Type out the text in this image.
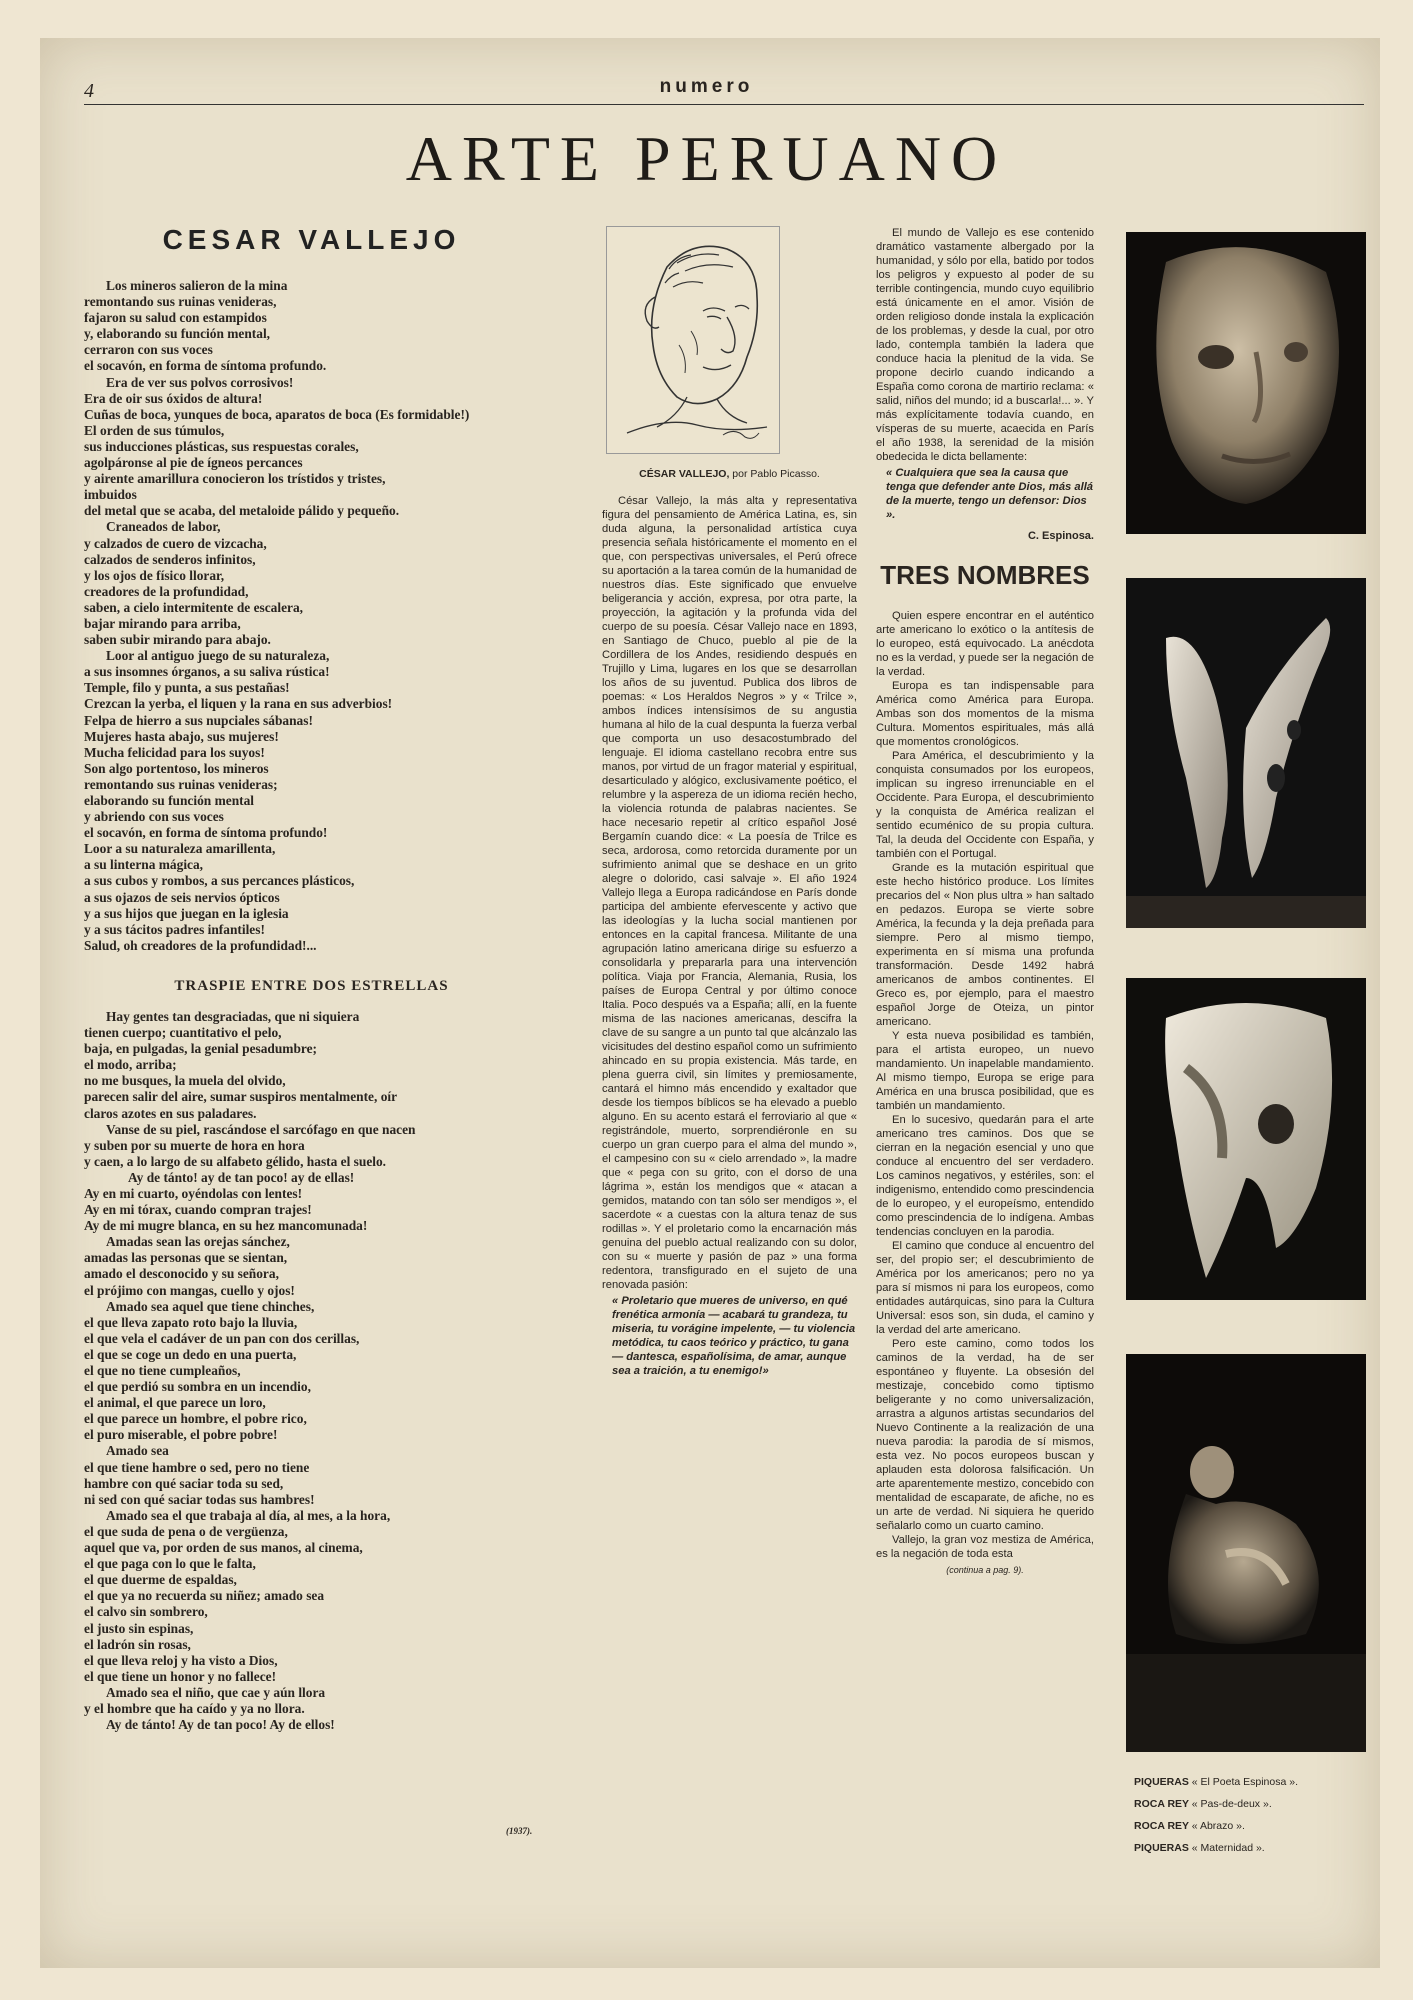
4	numero
ARTE PERUANO
CESAR VALLEJO
Los mineros salieron de la mina
remontando sus ruinas venideras,
fajaron su salud con estampidos
y, elaborando su función mental,
cerraron con sus voces
el socavón, en forma de síntoma profundo.
Era de ver sus polvos corrosivos!
Era de oir sus óxidos de altura!
Cuñas de boca, yunques de boca, aparatos de boca (Es formidable!)
El orden de sus túmulos,
sus inducciones plásticas, sus respuestas corales,
agolpáronse al pie de ígneos percances
y airente amarillura conocieron los trístidos y tristes,
imbuidos
del metal que se acaba, del metaloide pálido y pequeño.
Craneados de labor,
y calzados de cuero de vizcacha,
calzados de senderos infinitos,
y los ojos de físico llorar,
creadores de la profundidad,
saben, a cielo intermitente de escalera,
bajar mirando para arriba,
saben subir mirando para abajo.
Loor al antiguo juego de su naturaleza,
a sus insomnes órganos, a su saliva rústica!
Temple, filo y punta, a sus pestañas!
Crezcan la yerba, el liquen y la rana en sus adverbios!
Felpa de hierro a sus nupciales sábanas!
Mujeres hasta abajo, sus mujeres!
Mucha felicidad para los suyos!
Son algo portentoso, los mineros
remontando sus ruinas venideras;
elaborando su función mental
y abriendo con sus voces
el socavón, en forma de síntoma profundo!
Loor a su naturaleza amarillenta,
a su linterna mágica,
a sus cubos y rombos, a sus percances plásticos,
a sus ojazos de seis nervios ópticos
y a sus hijos que juegan en la iglesia
y a sus tácitos padres infantiles!
Salud, oh creadores de la profundidad!...
TRASPIE ENTRE DOS ESTRELLAS
Hay gentes tan desgraciadas, que ni siquiera
tienen cuerpo; cuantitativo el pelo,
baja, en pulgadas, la genial pesadumbre;
el modo, arriba;
no me busques, la muela del olvido,
parecen salir del aire, sumar suspiros mentalmente, oír
claros azotes en sus paladares.
Vanse de su piel, rascándose el sarcófago en que nacen
y suben por su muerte de hora en hora
y caen, a lo largo de su alfabeto gélido, hasta el suelo.
Ay de tánto! ay de tan poco! ay de ellas!
Ay en mi cuarto, oyéndolas con lentes!
Ay en mi tórax, cuando compran trajes!
Ay de mi mugre blanca, en su hez mancomunada!
Amadas sean las orejas sánchez,
amadas las personas que se sientan,
amado el desconocido y su señora,
el prójimo con mangas, cuello y ojos!
Amado sea aquel que tiene chinches,
el que lleva zapato roto bajo la lluvia,
el que vela el cadáver de un pan con dos cerillas,
el que se coge un dedo en una puerta,
el que no tiene cumpleaños,
el que perdió su sombra en un incendio,
el animal, el que parece un loro,
el que parece un hombre, el pobre rico,
el puro miserable, el pobre pobre!
Amado sea
el que tiene hambre o sed, pero no tiene
hambre con qué saciar toda su sed,
ni sed con qué saciar todas sus hambres!
Amado sea el que trabaja al día, al mes, a la hora,
el que suda de pena o de vergüenza,
aquel que va, por orden de sus manos, al cinema,
el que paga con lo que le falta,
el que duerme de espaldas,
el que ya no recuerda su niñez; amado sea
el calvo sin sombrero,
el justo sin espinas,
el ladrón sin rosas,
el que lleva reloj y ha visto a Dios,
el que tiene un honor y no fallece!
Amado sea el niño, que cae y aún llora
y el hombre que ha caído y ya no llora.
Ay de tánto! Ay de tan poco! Ay de ellos!
(1937).
CÉSAR VALLEJO, por Pablo Picasso.

César Vallejo, la más alta y representativa figura del pensamiento de América Latina, es, sin duda alguna, la personalidad artística cuya presencia señala históricamente el momento en el que, con perspectivas universales, el Perú ofrece su aportación a la tarea común de la humanidad de nuestros días. Este significado que envuelve beligerancia y acción, expresa, por otra parte, la proyección, la agitación y la profunda vida del cuerpo de su poesía. César Vallejo nace en 1893, en Santiago de Chuco, pueblo al pie de la Cordillera de los Andes, residiendo después en Trujillo y Lima, lugares en los que se desarrollan los años de su juventud. Publica dos libros de poemas: « Los Heraldos Negros » y « Trilce », ambos índices intensísimos de su angustia humana al hilo de la cual despunta la fuerza verbal que comporta un uso desacostumbrado del lenguaje. El idioma castellano recobra entre sus manos, por virtud de un fragor material y espiritual, desarticulado y alógico, exclusivamente poético, el relumbre y la aspereza de un idioma recién hecho, la violencia rotunda de palabras nacientes. Se hace necesario repetir al crítico español José Bergamín cuando dice: « La poesía de Trilce es seca, ardorosa, como retorcida duramente por un sufrimiento animal que se deshace en un grito alegre o doloridо, casi salvaje ». El año 1924 Vallejo llega a Europa radicándose en París donde participa del ambiente efervescente y activo que las ideologías y la lucha social mantienen por entonces en la capital francesa. Militante de una agrupación latino americana dirige su esfuerzo a consolidarla y prepararla para una intervención política. Viaja por Francia, Alemania, Rusia, los países de Europa Central y por último conoce Italia. Poco después va a España; allí, en la fuente misma de las naciones americanas, descifra la clave de su sangre a un punto tal que alcánzalo las vicisitudes del destino español como un sufrimiento ahincado en su propia existencia. Más tarde, en plena guerra civil, sin límites y premiosamente, cantará el himno más encendido y exaltador que desde los tiempos bíblicos se ha elevado a pueblo alguno. En su acento estará el ferroviario al que « registrándole, muerto, sorprendiéronle en su cuerpo un gran cuerpo para el alma del mundo », el campesino con su « cielo arrendado », la madre que « pega con su grito, con el dorso de una lágrima », están los mendigos que « atacan a gemidos, matando con tan sólo ser mendigos », el sacerdote « a cuestas con la altura tenaz de sus rodillas ». Y el proletario como la encarnación más genuina del pueblo actual realizando con su dolor, con su « muerte y pasión de paz » una forma redentora, transfigurado en el sujeto de una renovada pasión:

« Proletario que mueres de universo, en qué frenética armonía — acabará tu grandeza, tu miseria, tu vorágine impelente, — tu violencia metódica, tu caos teórico y práctico, tu gana — dantesca, españolísima, de amar, aunque sea a traición, a tu enemigo!»

El mundo de Vallejo es ese contenido dramático vastamente albergado por la humanidad, y sólo por ella, batido por todos los peligros y expuesto al poder de su terrible contingencia, mundo cuyo equilibrio está únicamente en el amor. Visión de orden religioso donde instala la explicación de los problemas, y desde la cual, por otro lado, contempla también la ladera que conduce hacia la plenitud de la vida. Se propone decirlo cuando indicando a España como corona de martirio reclama: « salid, niños del mundo; id a buscarla!... ». Y más explícitamente todavía cuando, en vísperas de su muerte, acaecida en París el año 1938, la serenidad de la misión obedecida le dicta bellamente:

« Cualquiera que sea la causa que tenga que defender ante Dios, más allá de la muerte, tengo un defensor: Dios ».

C. Espinosa.
TRES NOMBRES

Quien espere encontrar en el auténtico arte americano lo exótico o la antítesis de lo europeo, está equivocado. La anécdota no es la verdad, y puede ser la negación de la verdad.

Europa es tan indispensable para América como América para Europa. Ambas son dos momentos de la misma Cultura. Momentos espirituales, más allá que momentos cronológicos.

Para América, el descubrimiento y la conquista consumados por los europeos, implican su ingreso irrenunciable en el Occidente. Para Europa, el descubrimiento y la conquista de América realizan el sentido ecuménico de su propia cultura. Tal, la deuda del Occidente con España, y también con el Portugal.

Grande es la mutación espiritual que este hecho histórico produce. Los límites precarios del « Non plus ultra » han saltado en pedazos. Europa se vierte sobre América, la fecunda y la deja preñada para siempre. Pero al mismo tiempo, experimenta en sí misma una profunda transformación. Desde 1492 habrá americanos de ambos continentes. El Greco es, por ejemplo, para el maestro español Jorge de Oteiza, un pintor americano.

Y esta nueva posibilidad es también, para el artista europeo, un nuevo mandamiento. Un inapelable mandamiento. Al mismo tiempo, Europa se erige para América en una brusca posibilidad, que es también un mandamiento.

En lo sucesivo, quedarán para el arte americano tres caminos. Dos que se cierran en la negación esencial y uno que conduce al encuentro del ser verdadero. Los caminos negativos, y estériles, son: el indigenismo, entendido como prescindencia de lo europeo, y el europeísmo, entendido como prescindencia de lo indígena. Ambas tendencias concluyen en la parodia.

El camino que conduce al encuentro del ser, del propio ser; el descubrimiento de América por los americanos; pero no ya para sí mismos ni para los europeos, como entidades autárquicas, sino para la Cultura Universal: esos son, sin duda, el camino y la verdad del arte americano.

Pero este camino, como todos los caminos de la verdad, ha de ser espontáneo y fluyente. La obsesión del mestizaje, concebido como tiptismo beligerante y no como universalización, arrastra a algunos artistas secundarios del Nuevo Continente a la realización de una nueva parodia: la parodia de sí mismos, esta vez. No pocos europeos buscan y aplauden esta dolorosa falsificación. Un arte aparentemente mestizo, concebido con mentalidad de escaparate, de afiche, no es un arte de verdad. Ni siquiera he querido señalarlo como un cuarto camino.

Vallejo, la gran voz mestiza de América, es la negación de toda esta

(continua a pag. 9).
PIQUERAS « El Poeta Espinosa ».
ROCA REY « Pas-de-deux ».
ROCA REY « Abrazo ».
PIQUERAS « Maternidad ».
